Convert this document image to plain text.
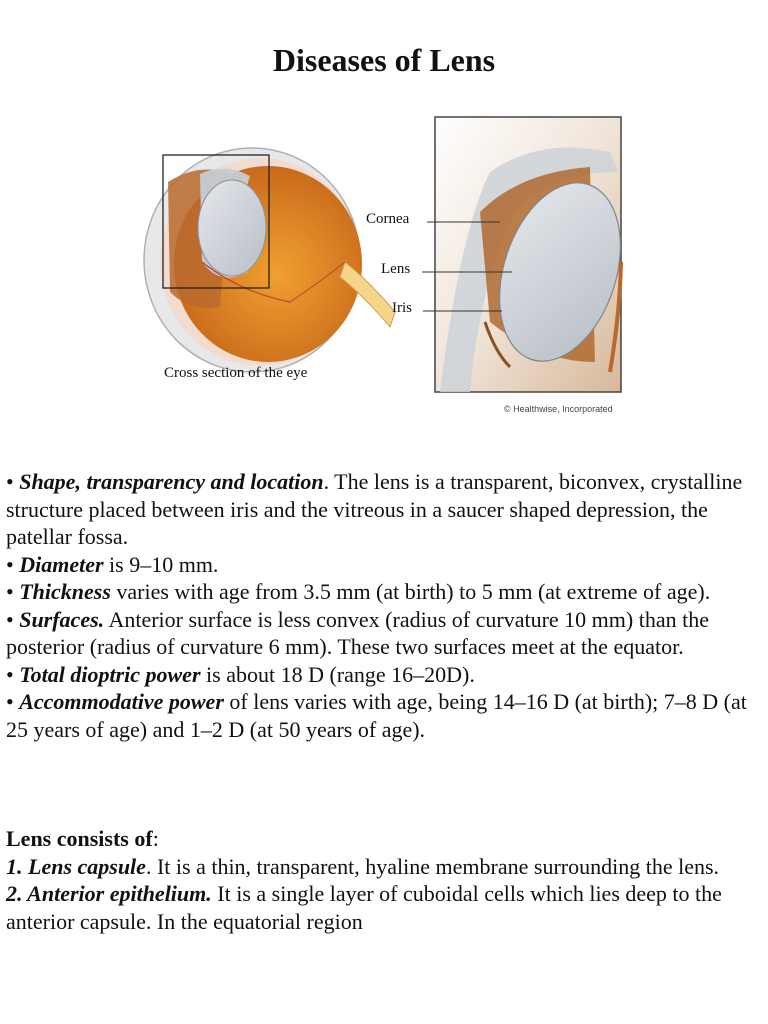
Diseases of Lens
Cornea
Lens
Iris
Cross section of the eye
© Healthwise, Incorporated

• Shape, transparency and location. The lens is a transparent, biconvex, crystalline structure placed between iris and the vitreous in a saucer shaped depression, the patellar fossa.

• Diameter is 9–10 mm.

• Thickness varies with age from 3.5 mm (at birth) to 5 mm (at extreme of age).

• Surfaces. Anterior surface is less convex (radius of curvature 10 mm) than the posterior (radius of curvature 6 mm). These two surfaces meet at the equator.

• Total dioptric power is about 18 D (range 16–20D).

• Accommodative power of lens varies with age, being 14–16 D (at birth); 7–8 D (at 25 years of age) and 1–2 D (at 50 years of age).

Lens consists of:

1. Lens capsule. It is a thin, transparent, hyaline membrane surrounding the lens.

2. Anterior epithelium. It is a single layer of cuboidal cells which lies deep to the anterior capsule. In the equatorial region
